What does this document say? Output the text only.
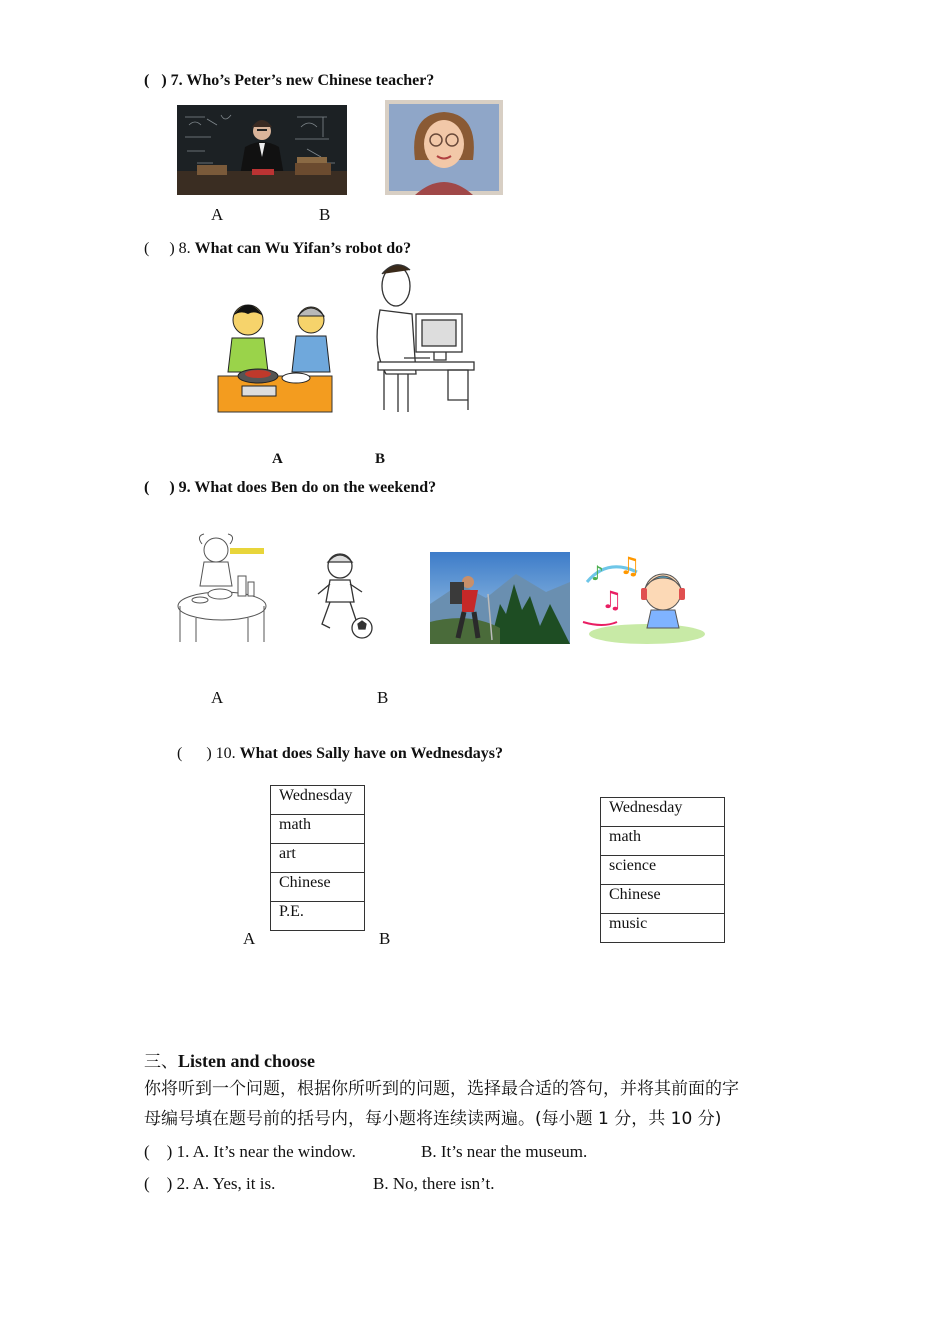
( ) 7. Who’s Peter’s new Chinese teacher?
A	B
( ) 8. What can Wu Yifan’s robot do?
A	B
( ) 9. What does Ben do on the weekend?
♪ ♫
♫
A	B
( ) 10. What does Sally have on Wednesdays?
Wednesday
math
art
Chinese
P.E.
Wednesday
math
science
Chinese
music
A	B
三、Listen and choose
你将听到一个问题，根据你所听到的问题，选择最合适的答句，并将其前面的字
母编号填在题号前的括号内，每小题将连续读两遍。(每小题 1 分，共 10 分)
( ) 1. A. It’s near the window.	B. It’s near the museum.
( ) 2. A. Yes, it is.	B. No, there isn’t.
